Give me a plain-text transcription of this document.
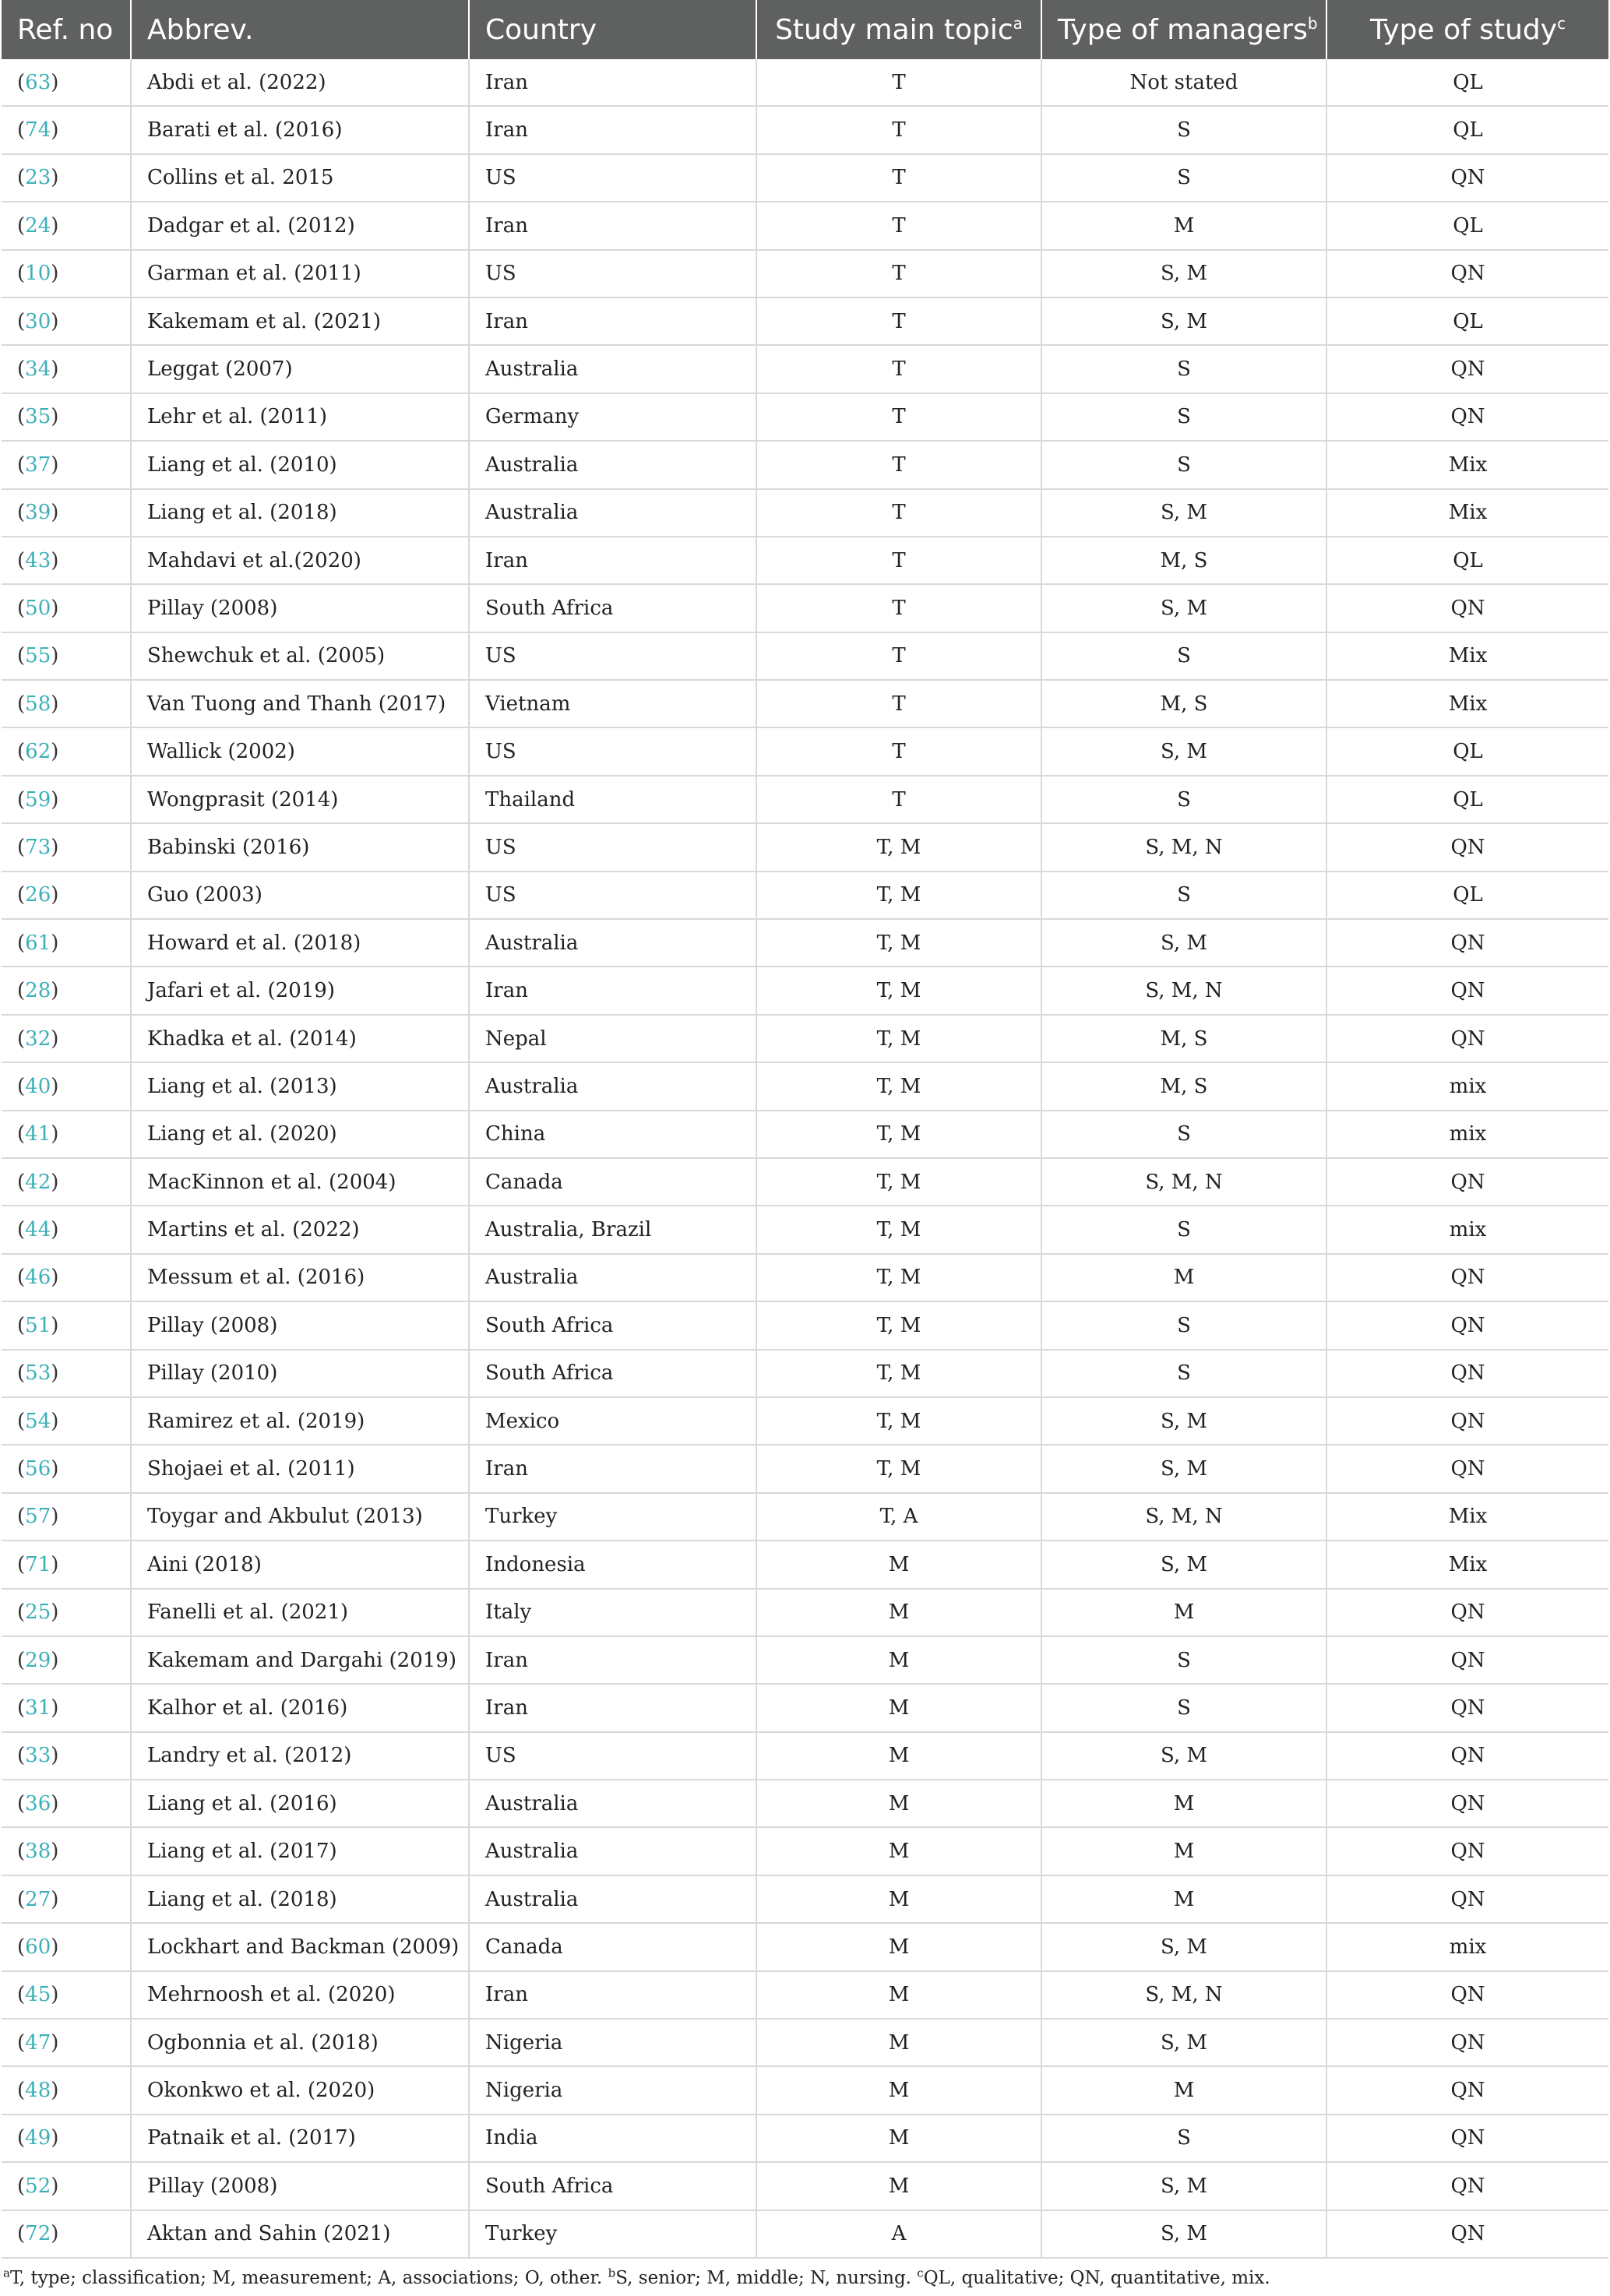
Ref. no	Abbrev.	Country	Study main topic$^a$	Type of managers$^b$	Type of study$^c$
(63)	Abdi et al. (2022)	Iran	T	Not stated	QL
(74)	Barati et al. (2016)	Iran	T	S	QL
(23)	Collins et al. 2015	US	T	S	QN
(24)	Dadgar et al. (2012)	Iran	T	M	QL
(10)	Garman et al. (2011)	US	T	S, M	QN
(30)	Kakemam et al. (2021)	Iran	T	S, M	QL
(34)	Leggat (2007)	Australia	T	S	QN
(35)	Lehr et al. (2011)	Germany	T	S	QN
(37)	Liang et al. (2010)	Australia	T	S	Mix
(39)	Liang et al. (2018)	Australia	T	S, M	Mix
(43)	Mahdavi et al.(2020)	Iran	T	M, S	QL
(50)	Pillay (2008)	South Africa	T	S, M	QN
(55)	Shewchuk et al. (2005)	US	T	S	Mix
(58)	Van Tuong and Thanh (2017)	Vietnam	T	M, S	Mix
(62)	Wallick (2002)	US	T	S, M	QL
(59)	Wongprasit (2014)	Thailand	T	S	QL
(73)	Babinski (2016)	US	T, M	S, M, N	QN
(26)	Guo (2003)	US	T, M	S	QL
(61)	Howard et al. (2018)	Australia	T, M	S, M	QN
(28)	Jafari et al. (2019)	Iran	T, M	S, M, N	QN
(32)	Khadka et al. (2014)	Nepal	T, M	M, S	QN
(40)	Liang et al. (2013)	Australia	T, M	M, S	mix
(41)	Liang et al. (2020)	China	T, M	S	mix
(42)	MacKinnon et al. (2004)	Canada	T, M	S, M, N	QN
(44)	Martins et al. (2022)	Australia, Brazil	T, M	S	mix
(46)	Messum et al. (2016)	Australia	T, M	M	QN
(51)	Pillay (2008)	South Africa	T, M	S	QN
(53)	Pillay (2010)	South Africa	T, M	S	QN
(54)	Ramirez et al. (2019)	Mexico	T, M	S, M	QN
(56)	Shojaei et al. (2011)	Iran	T, M	S, M	QN
(57)	Toygar and Akbulut (2013)	Turkey	T, A	S, M, N	Mix
(71)	Aini (2018)	Indonesia	M	S, M	Mix
(25)	Fanelli et al. (2021)	Italy	M	M	QN
(29)	Kakemam and Dargahi (2019)	Iran	M	S	QN
(31)	Kalhor et al. (2016)	Iran	M	S	QN
(33)	Landry et al. (2012)	US	M	S, M	QN
(36)	Liang et al. (2016)	Australia	M	M	QN
(38)	Liang et al. (2017)	Australia	M	M	QN
(27)	Liang et al. (2018)	Australia	M	M	QN
(60)	Lockhart and Backman (2009)	Canada	M	S, M	mix
(45)	Mehrnoosh et al. (2020)	Iran	M	S, M, N	QN
(47)	Ogbonnia et al. (2018)	Nigeria	M	S, M	QN
(48)	Okonkwo et al. (2020)	Nigeria	M	M	QN
(49)	Patnaik et al. (2017)	India	M	S	QN
(52)	Pillay (2008)	South Africa	M	S, M	QN
(72)	Aktan and Sahin (2021)	Turkey	A	S, M	QN
$^a$T, type; classification; M, measurement; A, associations; O, other. $^b$S, senior; M, middle; N, nursing. $^c$QL, qualitative; QN, quantitative, mix.
